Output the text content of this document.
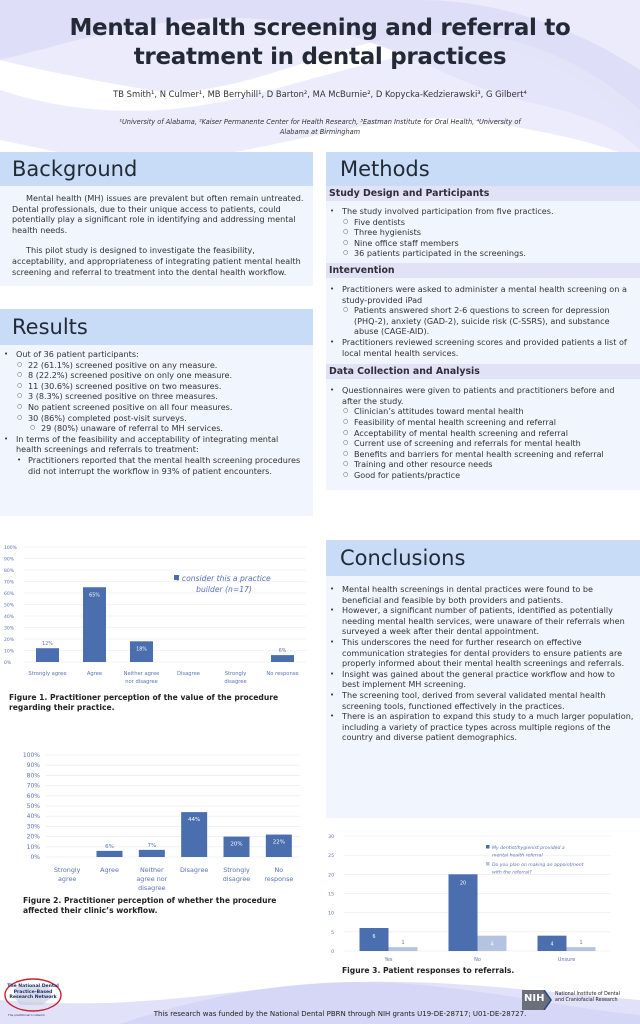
Mental health screening and referral to treatment in dental practices
TB Smith¹, N Culmer¹, MB Berryhill¹, D Barton², MA McBurnie², D Kopycka-Kedzierawski³, G Gilbert⁴
¹University of Alabama, ²Kaiser Permanente Center for Health Research, ³Eastman Institute for Oral Health, ⁴University of Alabama at Birmingham
Background

Mental health (MH) issues are prevalent but often remain untreated. Dental professionals, due to their unique access to patients, could potentially play a significant role in identifying and addressing mental health needs.

This pilot study is designed to investigate the feasibility, acceptability, and appropriateness of integrating patient mental health screening and referral to treatment into the dental health workflow.

Results
• Out of 36 patient participants:
○ 22 (61.1%) screened positive on any measure.
○ 8 (22.2%) screened positive on only one measure.
○ 11 (30.6%) screened positive on two measures.
○ 3 (8.3%) screened positive on three measures.
○ No patient screened positive on all four measures.
○ 30 (86%) completed post-visit surveys.
○ 29 (80%) unaware of referral to MH services.
• In terms of the feasibility and acceptability of integrating mental health screenings and referrals to treatment:
• Practitioners reported that the mental health screening procedures did not interrupt the workflow in 93% of patient encounters.
0%
10%
20%
30%
40%
50%
60%
70%
80%
90%
100%
12%
Strongly agree
65%
Agree
18%
Neither agree nor disagree
Disagree	Strongly disagree
6%
No response
I consider this a practice builder (n=17)
Figure 1. Practitioner perception of the value of the procedure regarding their practice.
0%
10%
20%
30%
40%
50%
60%
70%
80%
90%
100%
Strongly agree
6%
Agree
7%
Neither agree nor disagree
44%
Disagree
20%
Strongly disagree
22%
No response
Figure 2. Practitioner perception of whether the procedure affected their clinic’s workflow.
Methods
Study Design and Participants
• The study involved participation from five practices.
○ Five dentists
○ Three hygienists
○ Nine office staff members
○ 36 patients participated in the screenings.
Intervention
• Practitioners were asked to administer a mental health screening on a study-provided iPad
○ Patients answered short 2-6 questions to screen for depression (PHQ-2), anxiety (GAD-2), suicide risk (C-SSRS), and substance abuse (CAGE-AID).
• Practitioners reviewed screening scores and provided patients a list of local mental health services.
Data Collection and Analysis
• Questionnaires were given to patients and practitioners before and after the study.
○ Clinician’s attitudes toward mental health
○ Feasibility of mental health screening and referral
○ Acceptability of mental health screening and referral
○ Current use of screening and referrals for mental health
○ Benefits and barriers for mental health screening and referral
○ Training and other resource needs
○ Good for patients/practice
Conclusions
• Mental health screenings in dental practices were found to be beneficial and feasible by both providers and patients.
• However, a significant number of patients, identified as potentially needing mental health services, were unaware of their referrals when surveyed a week after their dental appointment.
• This underscores the need for further research on effective communication strategies for dental providers to ensure patients are properly informed about their mental health screenings and referrals.
• Insight was gained about the general practice workflow and how to best implement MH screening.
• The screening tool, derived from several validated mental health screening tools, functioned effectively in the practices.
• There is an aspiration to expand this study to a much larger population, including a variety of practice types across multiple regions of the country and diverse patient demographics.
0
5
10
15
20
25
30
6
1
Yes
20
4
No
4	1
Unsure
My dentist/hygienist provided a mental health referral
Do you plan on making an appointment with the referral?
Figure 3. Patient responses to referrals.
The National Dental
Practice-Based
Research Network
The practitioner's network	This research was funded by the National Dental PBRN through NIH grants U19-DE-28717; U01-DE-28727.
NIH National Institute of Dental
and Craniofacial Research
